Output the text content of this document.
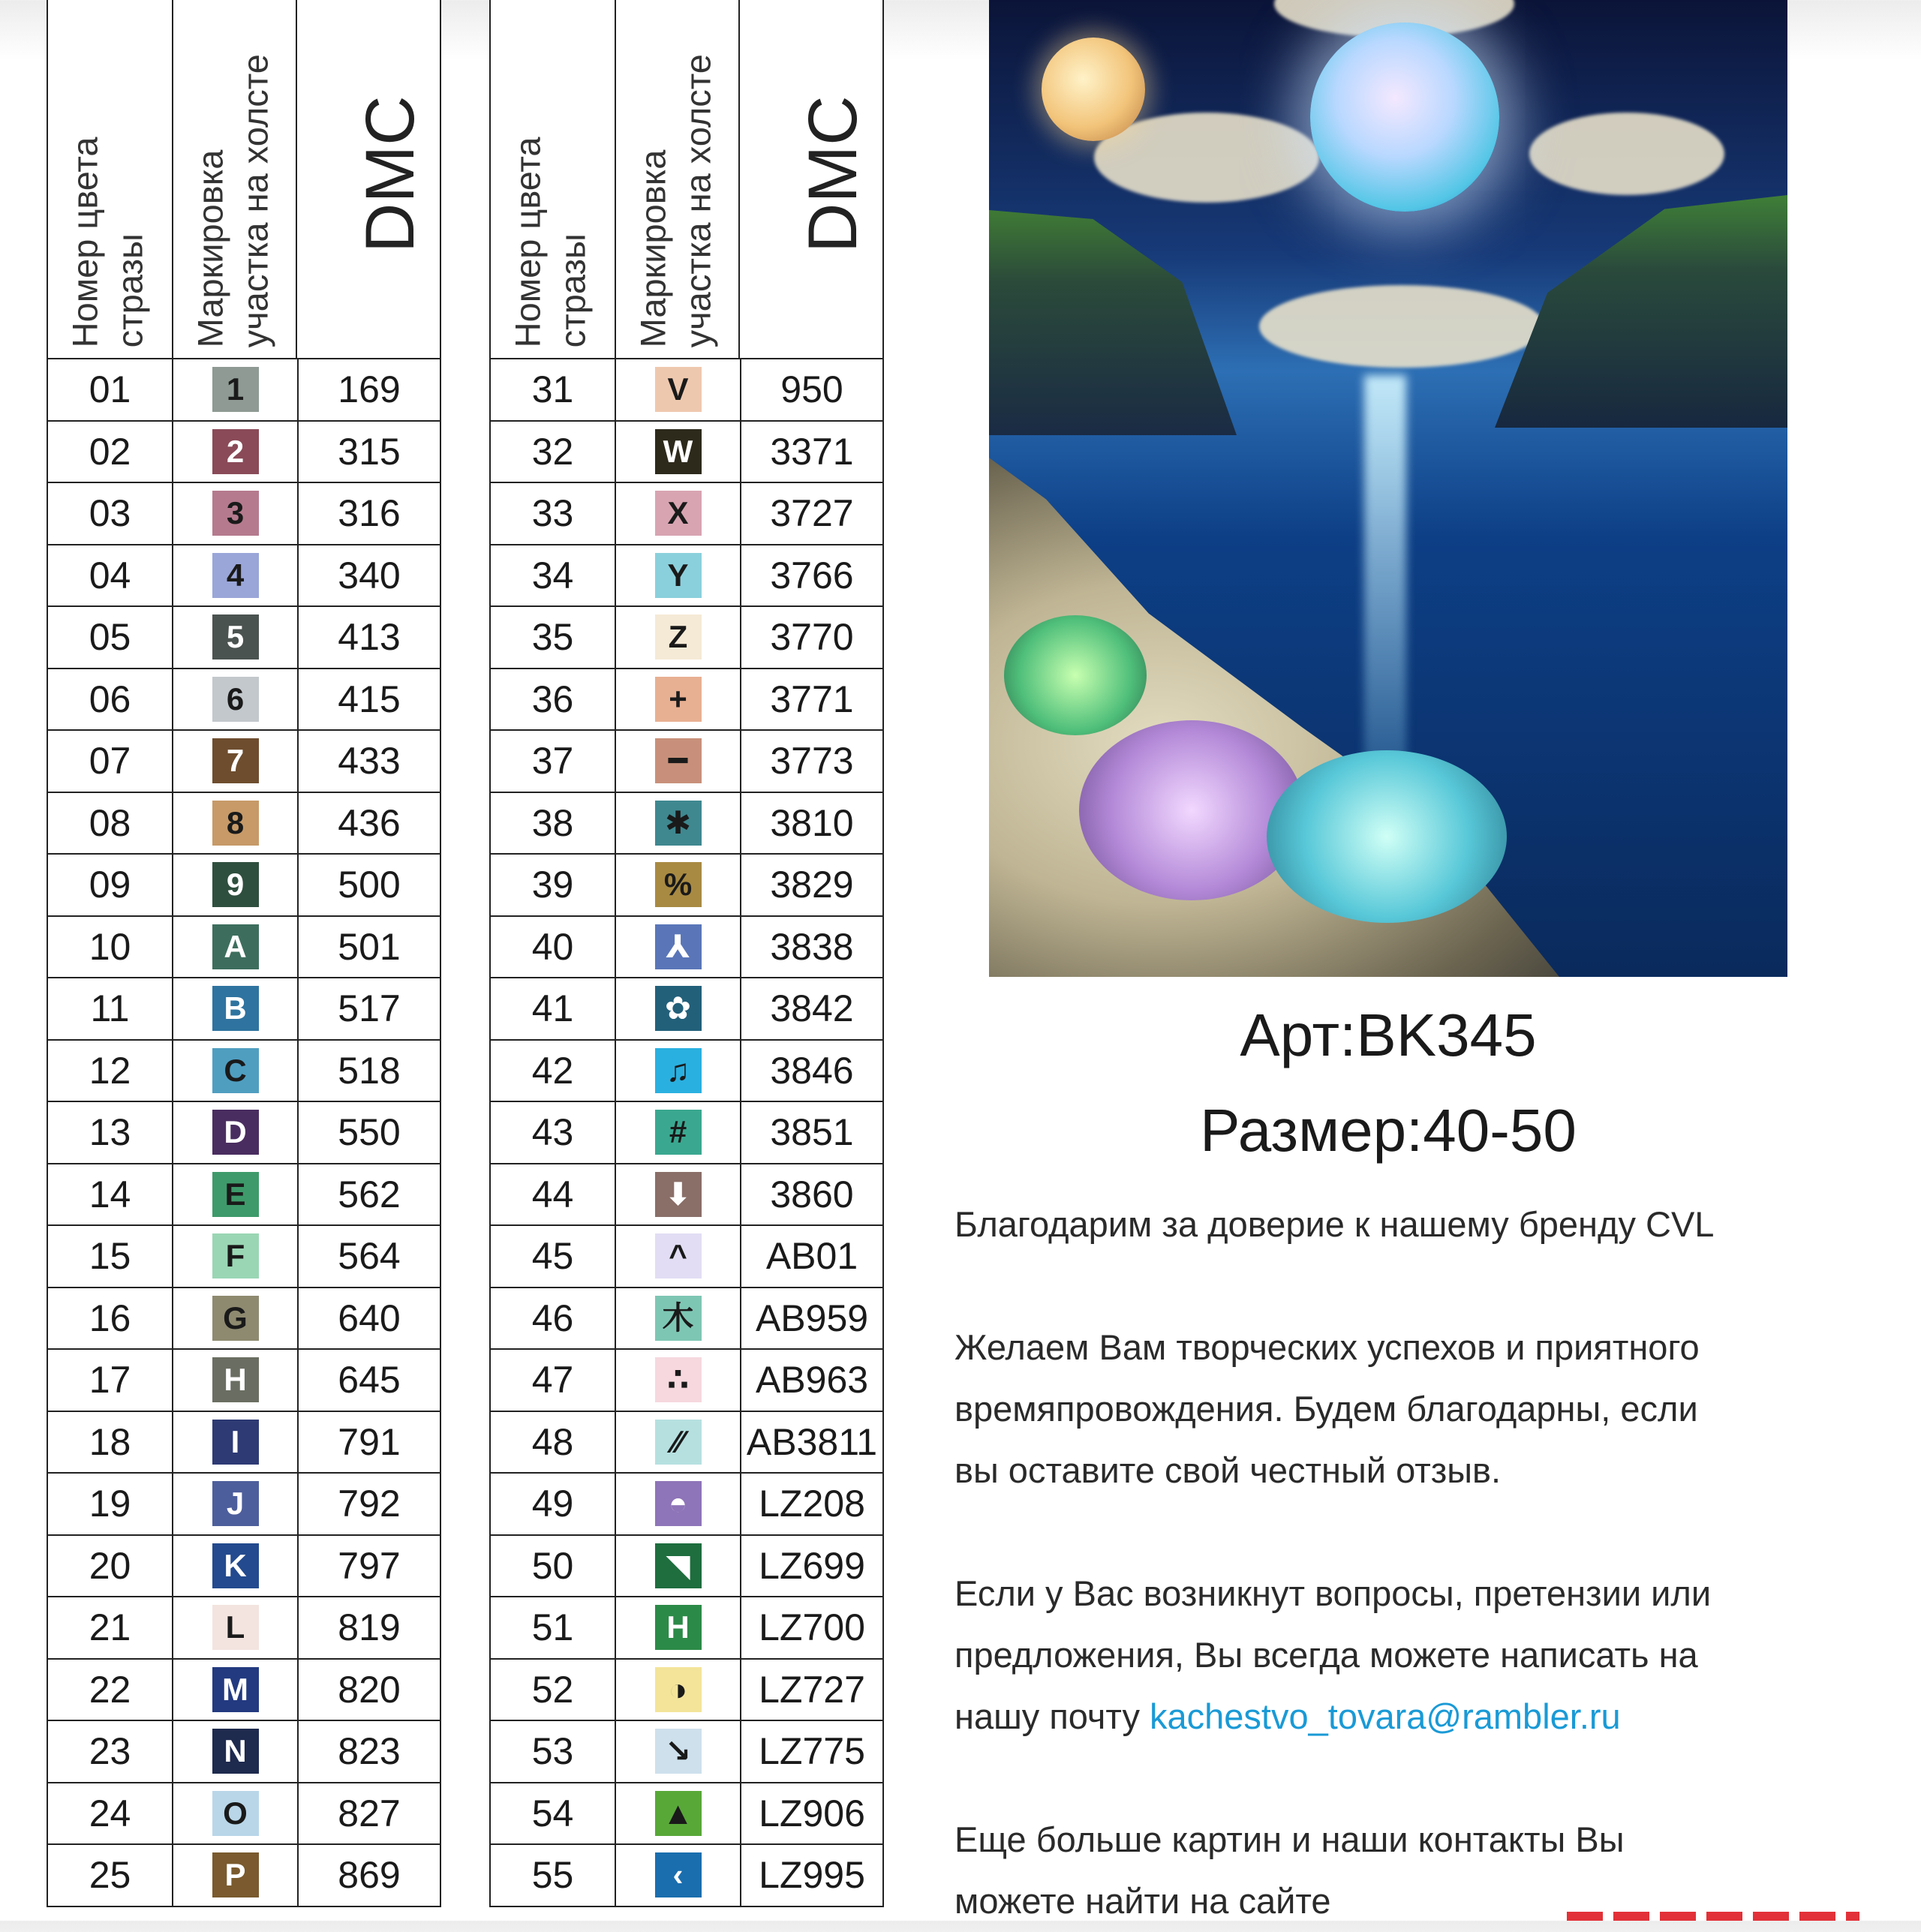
Номер цвета стразы Маркировка участка на холсте DMC
01	1	169
02	2	315
03	3	316
04	4	340
05	5	413
06	6	415
07	7	433
08	8	436
09	9	500
10	A	501
11	B	517
12	C	518
13	D	550
14	E	562
15	F	564
16	G	640
17	H	645
18	I	791
19	J	792
20	K	797
21	L	819
22	M	820
23	N	823
24	O	827
25	P	869
Номер цвета стразы Маркировка участка на холсте DMC
31	V	950
32	W	3371
33	X	3727
34	Y	3766
35	Z	3770
36	+	3771
37	━	3773
38	✱	3810
39	%	3829
40	⅄	3838
41	✿	3842
42	♫	3846
43	#	3851
44	⬇	3860
45	^	AB01
46	⽊	AB959
47	∴	AB963
48	⁄⁄	AB3811
49	◓	LZ208
50	◥	LZ699
51	H	LZ700
52	◑	LZ727
53	↘	LZ775
54	▲	LZ906
55	‹	LZ995
Арт:BK345
Размер:40-50

Благодарим за доверие к нашему бренду CVL

Желаем Вам творческих успехов и приятного

времяпровождения. Будем благодарны, если

вы оставите свой честный отзыв.

Если у Вас возникнут вопросы, претензии или

предложения, Вы всегда можете написать на

нашу почту kachestvo_tovara@rambler.ru

Еще больше картин и наши контакты Вы

можете найти на сайте
